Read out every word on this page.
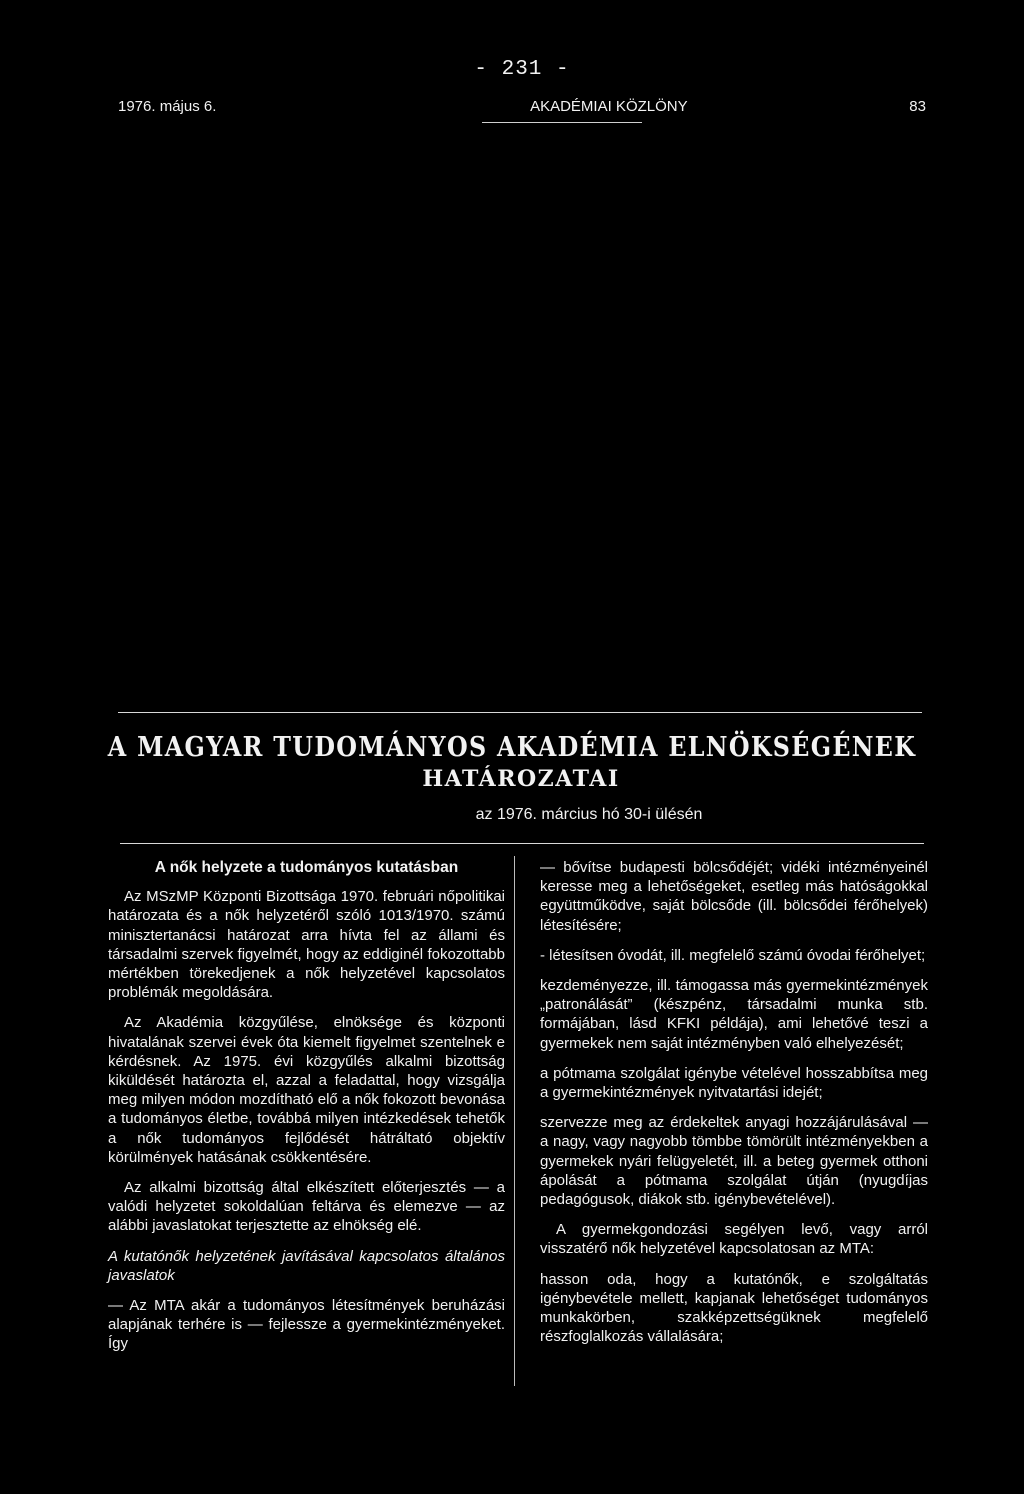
- 231 -
1976. május 6.	AKADÉMIAI KÖZLÖNY	83
A MAGYAR TUDOMÁNYOS AKADÉMIA ELNÖKSÉGÉNEK
HATÁROZATAI
az 1976. március hó 30-i ülésén
A nők helyzete a tudományos kutatásban

Az MSzMP Központi Bizottsága 1970. februári nőpolitikai határozata és a nők helyzetéről szóló 1013/1970. számú minisztertanácsi határozat arra hívta fel az állami és társadalmi szervek figyelmét, hogy az eddiginél fokozottabb mértékben törekedjenek a nők helyzetével kapcsolatos problémák megoldására.

Az Akadémia közgyűlése, elnöksége és központi hivatalának szervei évek óta kiemelt figyelmet szentelnek e kérdésnek. Az 1975. évi közgyűlés alkalmi bizottság kiküldését határozta el, azzal a feladattal, hogy vizsgálja meg milyen módon mozdítható elő a nők fokozott bevonása a tudományos életbe, továbbá milyen intézkedések tehetők a nők tudományos fejlődését hátráltató objektív körülmények hatásának csökkentésére.

Az alkalmi bizottság által elkészített előterjesztés — a valódi helyzetet sokoldalúan feltárva és elemezve — az alábbi javaslatokat terjesztette az elnökség elé.

A kutatónők helyzetének javításával kapcsolatos általános javaslatok

— Az MTA akár a tudományos létesítmények beruházási alapjának terhére is — fejlessze a gyermekintézményeket. Így

— bővítse budapesti bölcsődéjét; vidéki intézményeinél keresse meg a lehetőségeket, esetleg más hatóságokkal együttműködve, saját bölcsőde (ill. bölcsődei férőhelyek) létesítésére;

- létesítsen óvodát, ill. megfelelő számú óvodai férőhelyet;

kezdeményezze, ill. támogassa más gyermekintézmények „patronálását” (készpénz, társadalmi munka stb. formájában, lásd KFKI példája), ami lehetővé teszi a gyermekek nem saját intézményben való elhelyezését;

a pótmama szolgálat igénybe vételével hosszabbítsa meg a gyermekintézmények nyitvatartási idejét;

szervezze meg az érdekeltek anyagi hozzájárulásával — a nagy, vagy nagyobb tömbbe tömörült intézményekben a gyermekek nyári felügyeletét, ill. a beteg gyermek otthoni ápolását a pótmama szolgálat útján (nyugdíjas pedagógusok, diákok stb. igénybevételével).

A gyermekgondozási segélyen levő, vagy arról visszatérő nők helyzetével kapcsolatosan az MTA:

hasson oda, hogy a kutatónők, e szolgáltatás igénybevétele mellett, kapjanak lehetőséget tudományos munkakörben, szakképzettségüknek megfelelő részfoglalkozás vállalására;
